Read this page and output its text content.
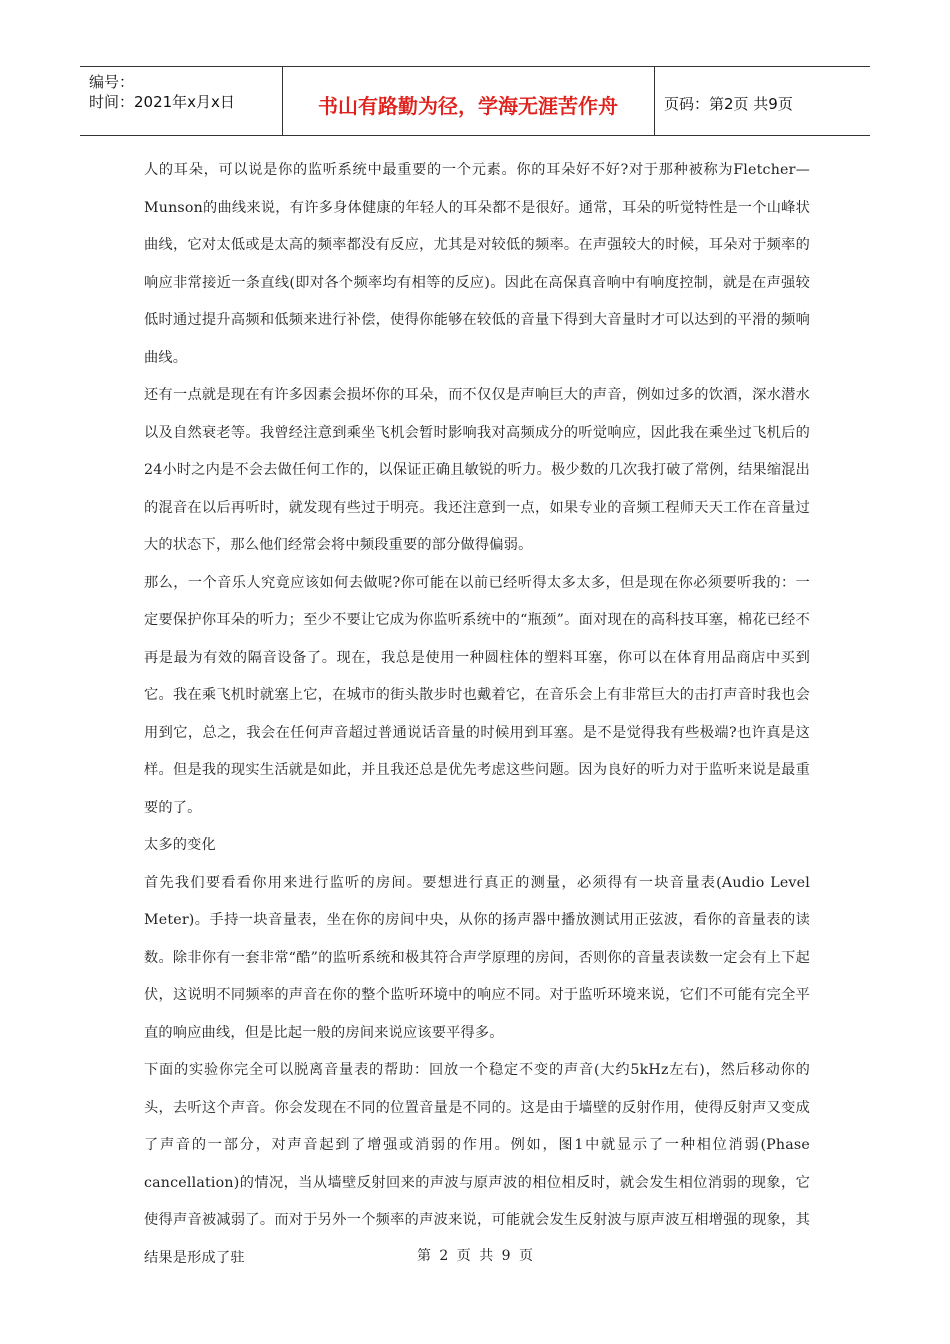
编号：
时间：2021年x月x日	书山有路勤为径，学海无涯苦作舟	页码：第2页 共9页

人的耳朵，可以说是你的监听系统中最重要的一个元素。你的耳朵好不好?对于那种被称为Fletcher—Munson的曲线来说，有许多身体健康的年轻人的耳朵都不是很好。通常，耳朵的听觉特性是一个山峰状曲线，它对太低或是太高的频率都没有反应，尤其是对较低的频率。在声强较大的时候，耳朵对于频率的响应非常接近一条直线(即对各个频率均有相等的反应)。因此在高保真音响中有响度控制，就是在声强较低时通过提升高频和低频来进行补偿，使得你能够在较低的音量下得到大音量时才可以达到的平滑的频响曲线。

还有一点就是现在有许多因素会损坏你的耳朵，而不仅仅是声响巨大的声音，例如过多的饮酒，深水潜水以及自然衰老等。我曾经注意到乘坐飞机会暂时影响我对高频成分的听觉响应，因此我在乘坐过飞机后的24小时之内是不会去做任何工作的，以保证正确且敏锐的听力。极少数的几次我打破了常例，结果缩混出的混音在以后再听时，就发现有些过于明亮。我还注意到一点，如果专业的音频工程师天天工作在音量过大的状态下，那么他们经常会将中频段重要的部分做得偏弱。

那么，一个音乐人究竟应该如何去做呢?你可能在以前已经听得太多太多，但是现在你必须要听我的：一定要保护你耳朵的听力；至少不要让它成为你监听系统中的“瓶颈”。面对现在的高科技耳塞，棉花已经不再是最为有效的隔音设备了。现在，我总是使用一种圆柱体的塑料耳塞，你可以在体育用品商店中买到它。我在乘飞机时就塞上它，在城市的街头散步时也戴着它，在音乐会上有非常巨大的击打声音时我也会用到它，总之，我会在任何声音超过普通说话音量的时候用到耳塞。是不是觉得我有些极端?也许真是这样。但是我的现实生活就是如此，并且我还总是优先考虑这些问题。因为良好的听力对于监听来说是最重要的了。

太多的变化

首先我们要看看你用来进行监听的房间。要想进行真正的测量，必须得有一块音量表(Audio Level Meter)。手持一块音量表，坐在你的房间中央，从你的扬声器中播放测试用正弦波，看你的音量表的读数。除非你有一套非常“酷”的监听系统和极其符合声学原理的房间，否则你的音量表读数一定会有上下起伏，这说明不同频率的声音在你的整个监听环境中的响应不同。对于监听环境来说，它们不可能有完全平直的响应曲线，但是比起一般的房间来说应该要平得多。

下面的实验你完全可以脱离音量表的帮助：回放一个稳定不变的声音(大约5kHz左右)，然后移动你的头，去听这个声音。你会发现在不同的位置音量是不同的。这是由于墙壁的反射作用，使得反射声又变成了声音的一部分，对声音起到了增强或消弱的作用。例如，图1中就显示了一种相位消弱(Phase cancellation)的情况，当从墙壁反射回来的声波与原声波的相位相反时，就会发生相位消弱的现象，它使得声音被减弱了。而对于另外一个频率的声波来说，可能就会发生反射波与原声波互相增强的现象，其结果是形成了驻	第 2 页 共 9 页
